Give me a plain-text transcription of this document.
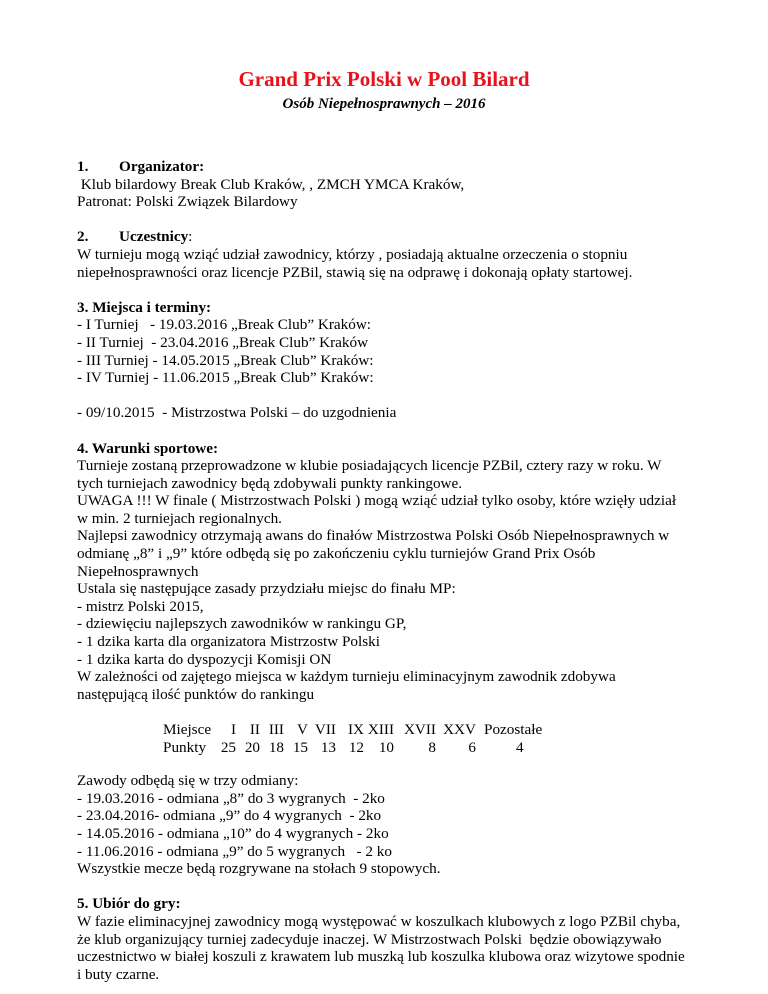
Grand Prix Polski w Pool Bilard
Osób Niepełnosprawnych – 2016

1. Organizator:

Klub bilardowy Break Club Kraków, , ZMCH YMCA Kraków,

Patronat: Polski Związek Bilardowy

2. Uczestnicy:

W turnieju mogą wziąć udział zawodnicy, którzy , posiadają aktualne orzeczenia o stopniu

niepełnosprawności oraz licencje PZBil, stawią się na odprawę i dokonają opłaty startowej.

3. Miejsca i terminy:

- I Turniej   - 19.03.2016 „Break Club” Kraków:

- II Turniej  - 23.04.2016 „Break Club” Kraków

- III Turniej - 14.05.2015 „Break Club” Kraków:

- IV Turniej - 11.06.2015 „Break Club” Kraków:

- 09/10.2015  - Mistrzostwa Polski – do uzgodnienia

4. Warunki sportowe:

Turnieje zostaną przeprowadzone w klubie posiadających licencje PZBil, cztery razy w roku. W

tych turniejach zawodnicy będą zdobywali punkty rankingowe.

UWAGA !!! W finale ( Mistrzostwach Polski ) mogą wziąć udział tylko osoby, które wzięły udział

w min. 2 turniejach regionalnych.

Najlepsi zawodnicy otrzymają awans do finałów Mistrzostwa Polski Osób Niepełnosprawnych w

odmianę „8” i „9” które odbędą się po zakończeniu cyklu turniejów Grand Prix Osób

Niepełnosprawnych

Ustala się następujące zasady przydziału miejsc do finału MP:

- mistrz Polski 2015,

- dziewięciu najlepszych zawodników w rankingu GP,

- 1 dzika karta dla organizatora Mistrzostw Polski

- 1 dzika karta do dyspozycji Komisji ON

W zależności od zajętego miejsca w każdym turnieju eliminacyjnym zawodnik zdobywa

następującą ilość punktów do rankingu

Miejsce	I II III V VII IX XIII XVII XXV Pozostałe
Punkty 25 20 18 15 13 12 10	8	6	4

Zawody odbędą się w trzy odmiany:

- 19.03.2016 - odmiana „8” do 3 wygranych  - 2ko

- 23.04.2016- odmiana „9” do 4 wygranych  - 2ko

- 14.05.2016 - odmiana „10” do 4 wygranych - 2ko

- 11.06.2016 - odmiana „9” do 5 wygranych   - 2 ko

Wszystkie mecze będą rozgrywane na stołach 9 stopowych.

5. Ubiór do gry:

W fazie eliminacyjnej zawodnicy mogą występować w koszulkach klubowych z logo PZBil chyba,

że klub organizujący turniej zadecyduje inaczej. W Mistrzostwach Polski  będzie obowiązywało

uczestnictwo w białej koszuli z krawatem lub muszką lub koszulka klubowa oraz wizytowe spodnie

i buty czarne.
